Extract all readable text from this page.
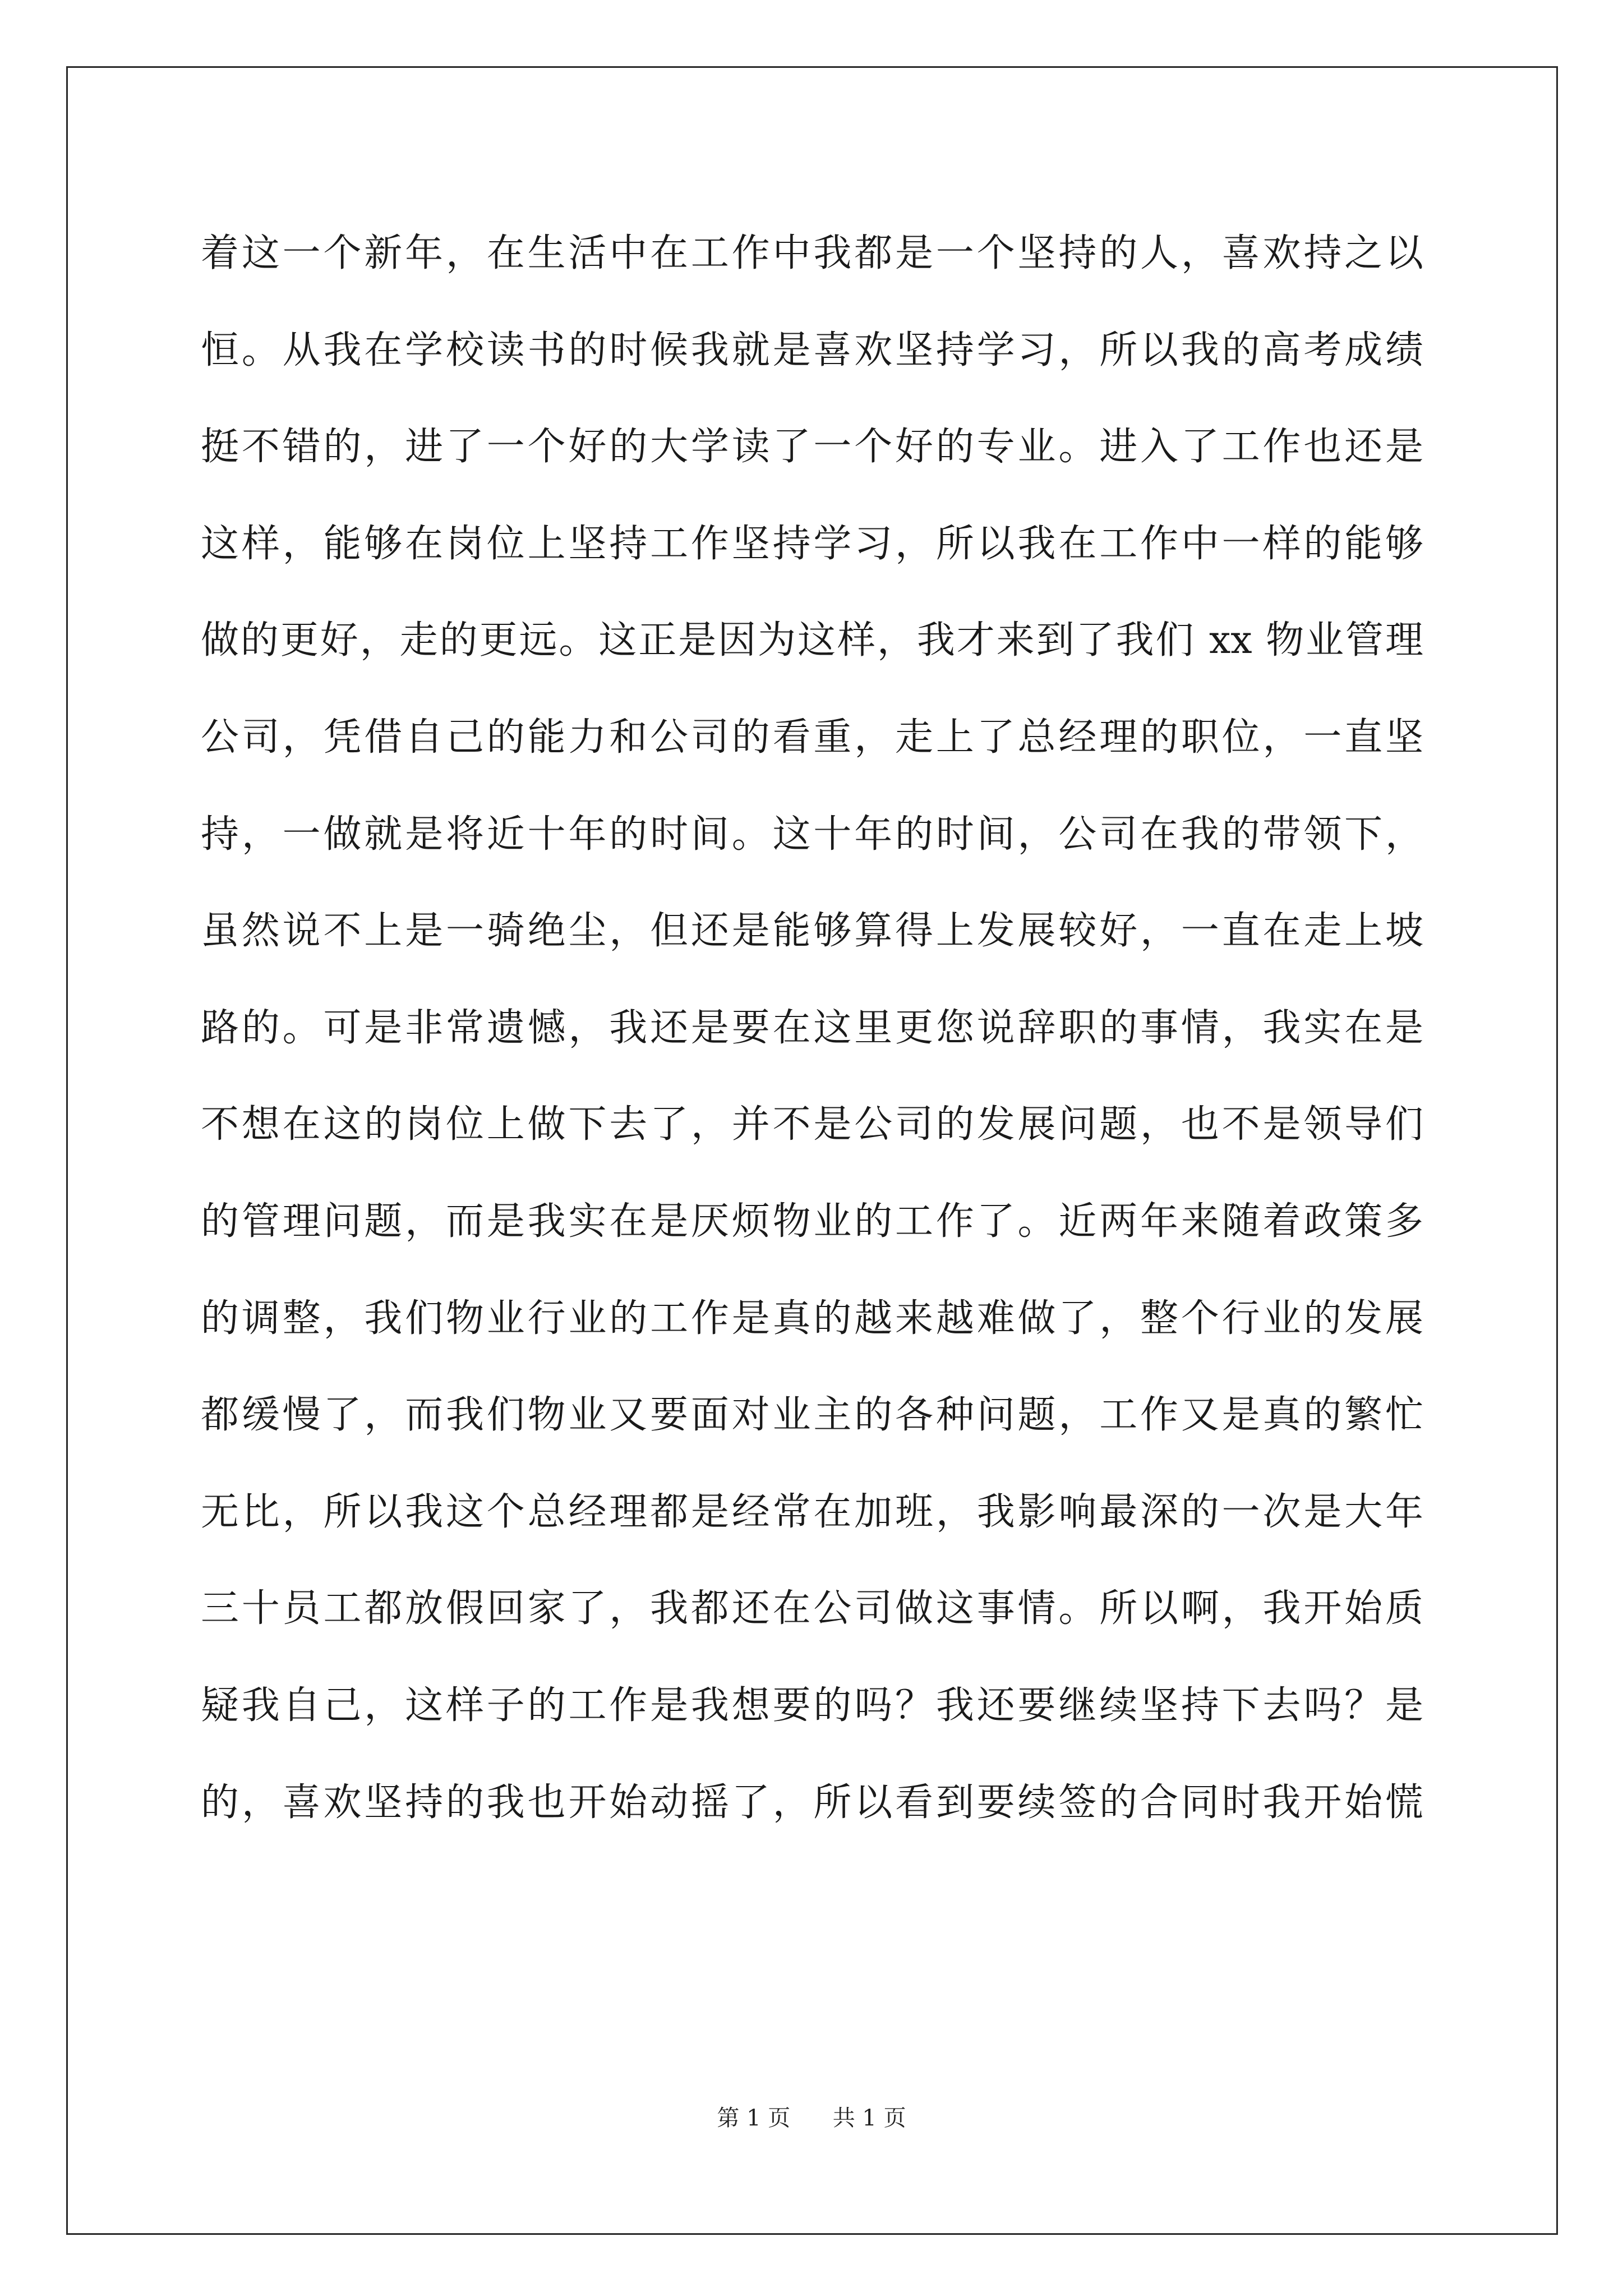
着这一个新年，在生活中在工作中我都是一个坚持的人，喜欢持之以
恒。从我在学校读书的时候我就是喜欢坚持学习，所以我的高考成绩
挺不错的，进了一个好的大学读了一个好的专业。进入了工作也还是
这样，能够在岗位上坚持工作坚持学习，所以我在工作中一样的能够
做的更好，走的更远。这正是因为这样，我才来到了我们 xx 物业管理
公司，凭借自己的能力和公司的看重，走上了总经理的职位，一直坚
持，一做就是将近十年的时间。这十年的时间，公司在我的带领下，
虽然说不上是一骑绝尘，但还是能够算得上发展较好，一直在走上坡
路的。可是非常遗憾，我还是要在这里更您说辞职的事情，我实在是
不想在这的岗位上做下去了，并不是公司的发展问题，也不是领导们
的管理问题，而是我实在是厌烦物业的工作了。近两年来随着政策多
的调整，我们物业行业的工作是真的越来越难做了，整个行业的发展
都缓慢了，而我们物业又要面对业主的各种问题，工作又是真的繁忙
无比，所以我这个总经理都是经常在加班，我影响最深的一次是大年
三十员工都放假回家了，我都还在公司做这事情。所以啊，我开始质
疑我自己，这样子的工作是我想要的吗？我还要继续坚持下去吗？是
的，喜欢坚持的我也开始动摇了，所以看到要续签的合同时我开始慌
第 1 页 共 1 页
